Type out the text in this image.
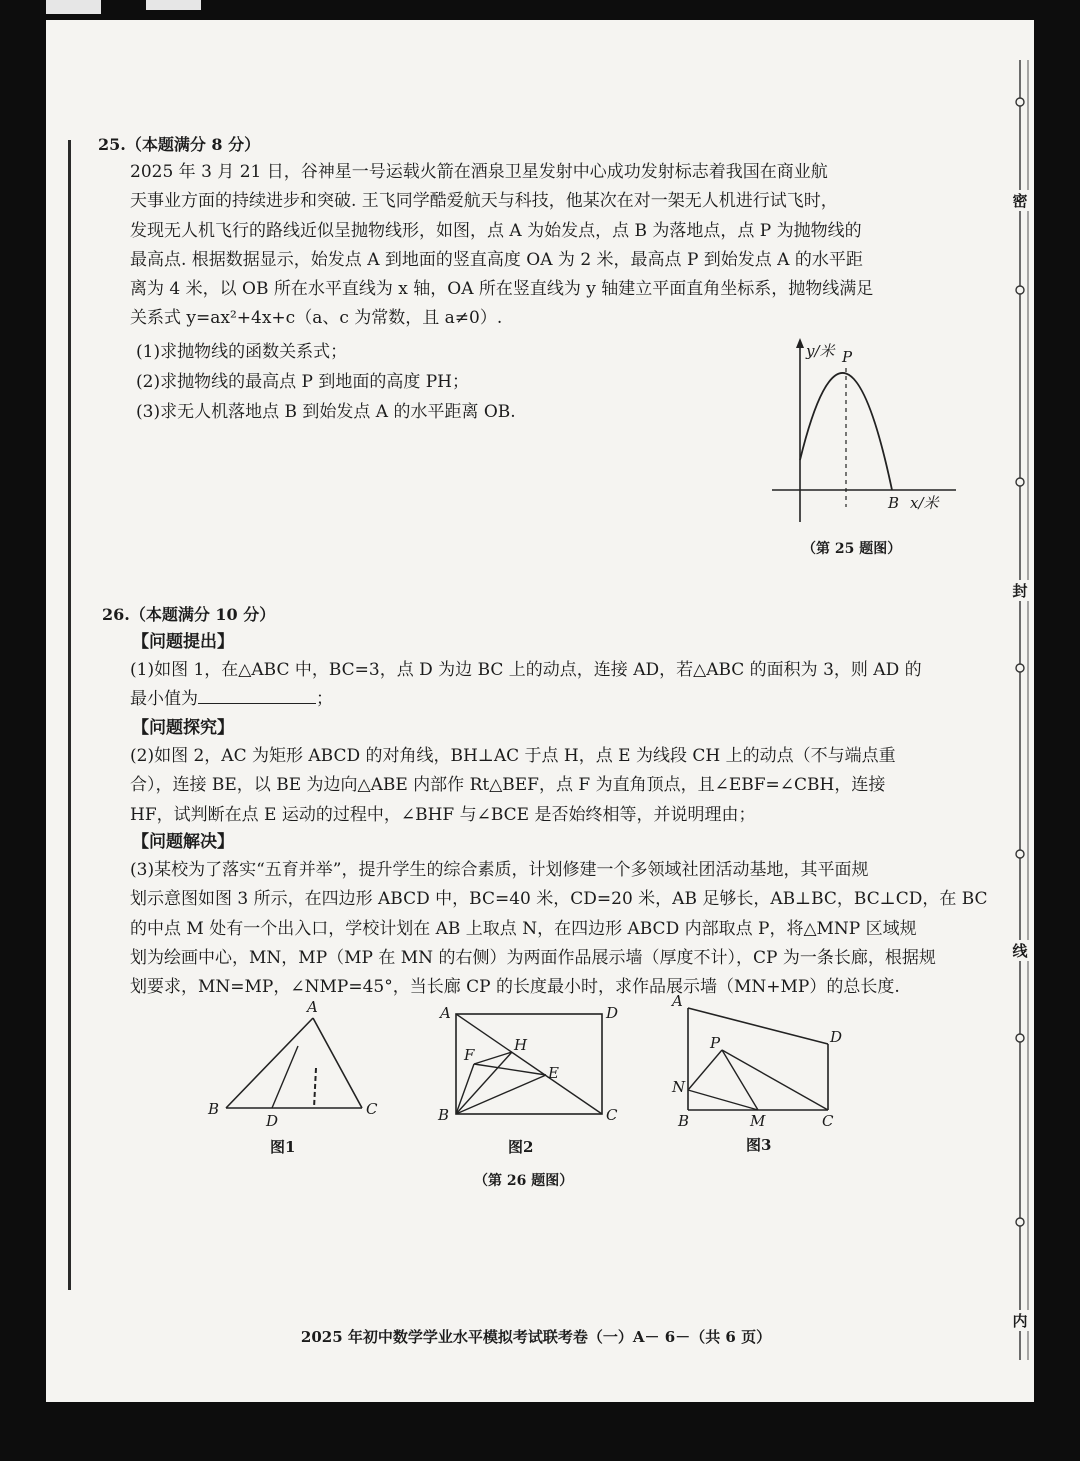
25.（本题满分 8 分）
2025 年 3 月 21 日，谷神星一号运载火箭在酒泉卫星发射中心成功发射标志着我国在商业航
天事业方面的持续进步和突破. 王飞同学酷爱航天与科技，他某次在对一架无人机进行试飞时，
发现无人机飞行的路线近似呈抛物线形，如图，点 A 为始发点，点 B 为落地点，点 P 为抛物线的
最高点. 根据数据显示，始发点 A 到地面的竖直高度 OA 为 2 米，最高点 P 到始发点 A 的水平距
离为 4 米，以 OB 所在水平直线为 x 轴，OA 所在竖直线为 y 轴建立平面直角坐标系，抛物线满足
关系式 y=ax²+4x+c（a、c 为常数，且 a≠0）.
(1)求抛物线的函数关系式；
(2)求抛物线的最高点 P 到地面的高度 PH；
(3)求无人机落地点 B 到始发点 A 的水平距离 OB.
y/米 P
B x/米
（第 25 题图）
26.（本题满分 10 分）
【问题提出】
(1)如图 1，在△ABC 中，BC=3，点 D 为边 BC 上的动点，连接 AD，若△ABC 的面积为 3，则 AD 的
最小值为	；
【问题探究】
(2)如图 2，AC 为矩形 ABCD 的对角线，BH⊥AC 于点 H，点 E 为线段 CH 上的动点（不与端点重
合），连接 BE，以 BE 为边向△ABE 内部作 Rt△BEF，点 F 为直角顶点，且∠EBF=∠CBH，连接
HF，试判断在点 E 运动的过程中，∠BHF 与∠BCE 是否始终相等，并说明理由；
【问题解决】
(3)某校为了落实“五育并举”，提升学生的综合素质，计划修建一个多领域社团活动基地，其平面规
划示意图如图 3 所示，在四边形 ABCD 中，BC=40 米，CD=20 米，AB 足够长，AB⊥BC，BC⊥CD，在 BC
的中点 M 处有一个出入口，学校计划在 AB 上取点 N，在四边形 ABCD 内部取点 P，将△MNP 区域规
划为绘画中心，MN，MP（MP 在 MN 的右侧）为两面作品展示墙（厚度不计），CP 为一条长廊，根据规
划要求，MN=MP，∠NMP=45°，当长廊 CP 的长度最小时，求作品展示墙（MN+MP）的总长度.
A
B	C
D
图1
A	D
B	C
H
F
E
图2
A
D
N
P
B	M	C
图3
（第 26 题图）
2025 年初中数学学业水平模拟考试联考卷（一）A－ 6－（共 6 页）
密
封
线
内
